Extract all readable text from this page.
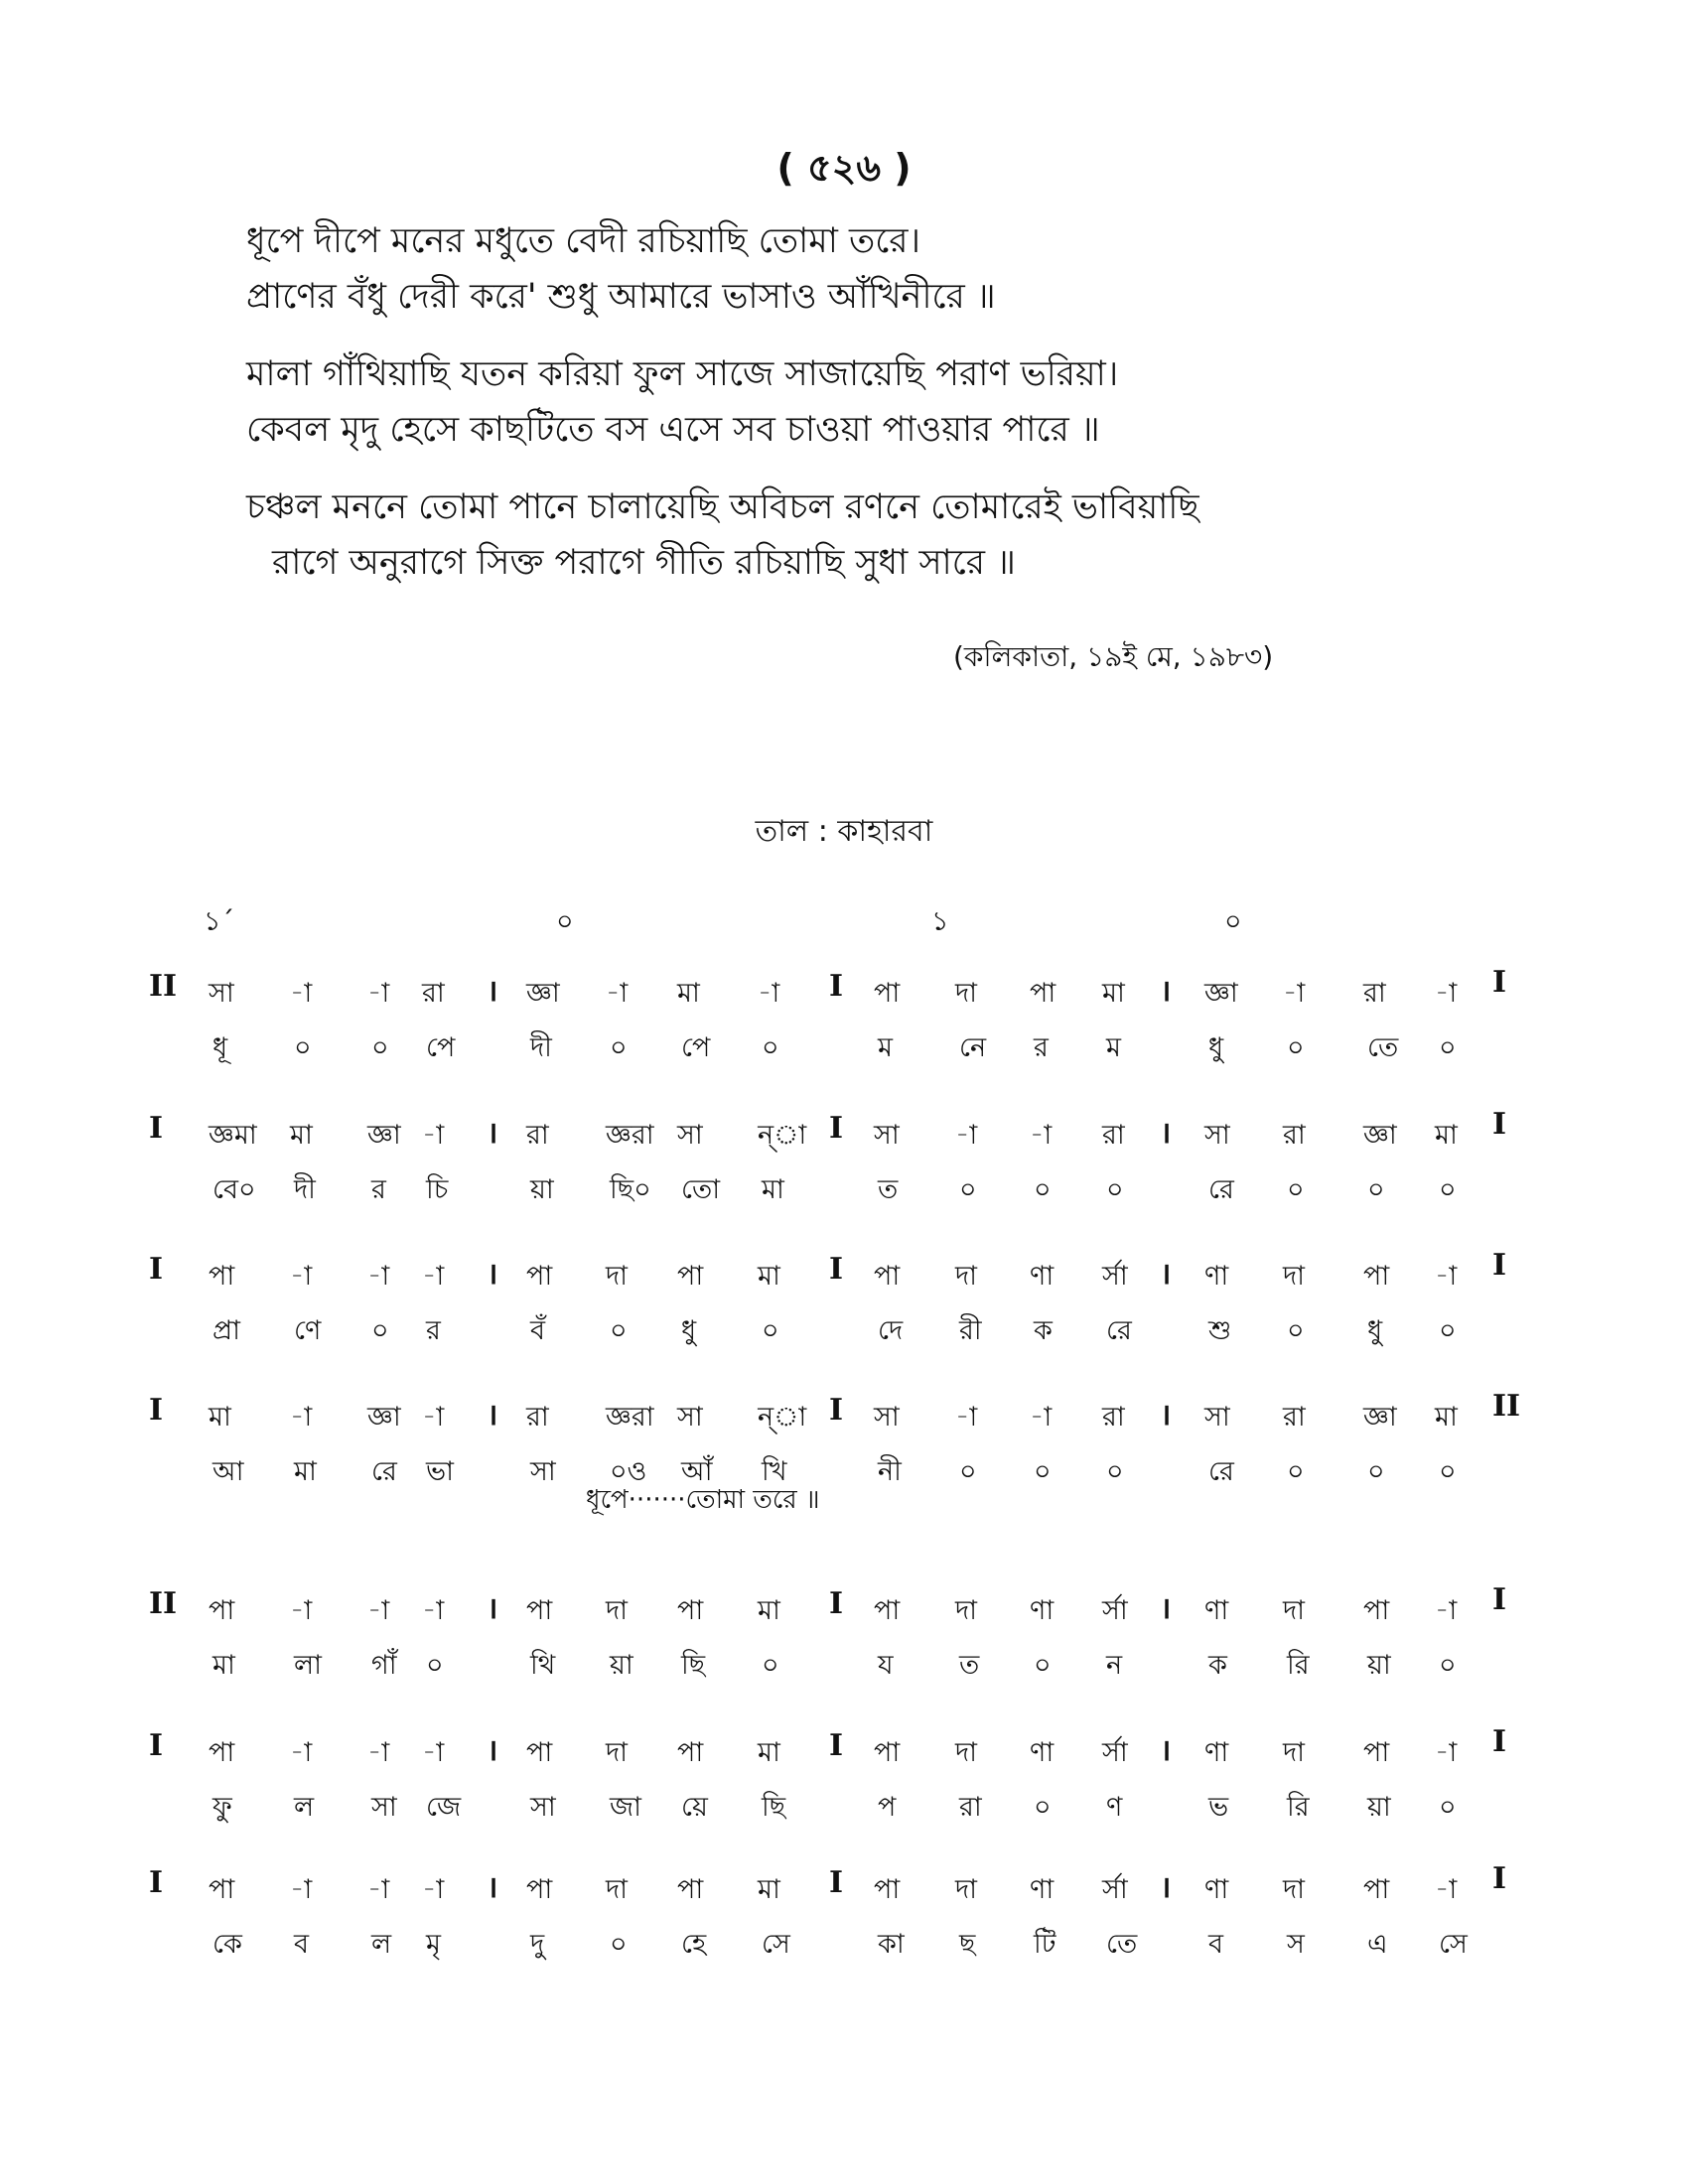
( ৫২৬ )
ধূপে দীপে মনের মধুতে বেদী রচিয়াছি তোমা তরে।
প্রাণের বঁধু দেরী করে' শুধু আমারে ভাসাও আঁখিনীরে ॥
মালা গাঁথিয়াছি যতন করিয়া ফুল সাজে সাজায়েছি পরাণ ভরিয়া।
কেবল মৃদু হেসে কাছটিতে বস এসে সব চাওয়া পাওয়ার পারে ॥
চঞ্চল মননে তোমা পানে চালায়েছি অবিচল রণনে তোমারেই ভাবিয়াছি
রাগে অনুরাগে সিক্ত পরাগে গীতি রচিয়াছি সুধা সারে ॥
(কলিকাতা, ১৯ই মে, ১৯৮৩)
তাল : কাহারবা
১´	০	১	০
II	।	I	।	I
সা -া -া রা	জ্ঞা -া মা -া	পা দা পা মা	জ্ঞা -া রা -া
ধূ ০ ০ পে	দী ০ পে ০	ম নে র ম	ধু ০ তে ০
I	।	I	।	I
জ্ঞমা মা জ্ঞা -া	রা জ্ঞরা সা ন্া	সা -া -া রা	সা রা জ্ঞা মা
বে০ দী র চি	য়া ছি০ তো মা	ত ০ ০ ০	রে ০ ০ ০
I	।	I	।	I
পা -া -া -া	পা দা পা মা	পা দা ণা র্সা	ণা দা পা -া
প্রা ণে ০ র	বঁ ০ ধু ০	দে রী ক রে	শু ০ ধু ০
I	।	I	।	II
মা -া জ্ঞা -া	রা জ্ঞরা সা ন্া	সা -া -া রা	সা রা জ্ঞা মা
আ মা রে ভা	সা ০ও আঁ খি	নী ০ ০ ০	রে ০ ০ ০
II	।	I	।	I
পা -া -া -া	পা দা পা মা	পা দা ণা র্সা	ণা দা পা -া
মা লা গাঁ ০	থি য়া ছি ০	য ত ০ ন	ক রি য়া ০
I	।	I	।	I
পা -া -া -া	পা দা পা মা	পা দা ণা র্সা	ণা দা পা -া
ফু ল সা জে	সা জা য়ে ছি	প রা ০ ণ	ভ রি য়া ০
I	।	I	।	I
পা -া -া -া	পা দা পা মা	পা দা ণা র্সা	ণা দা পা -া
কে ব ল মৃ	দু ০ হে সে	কা ছ টি তে	ব স এ সে
ধূপে·······তোমা তরে ॥
